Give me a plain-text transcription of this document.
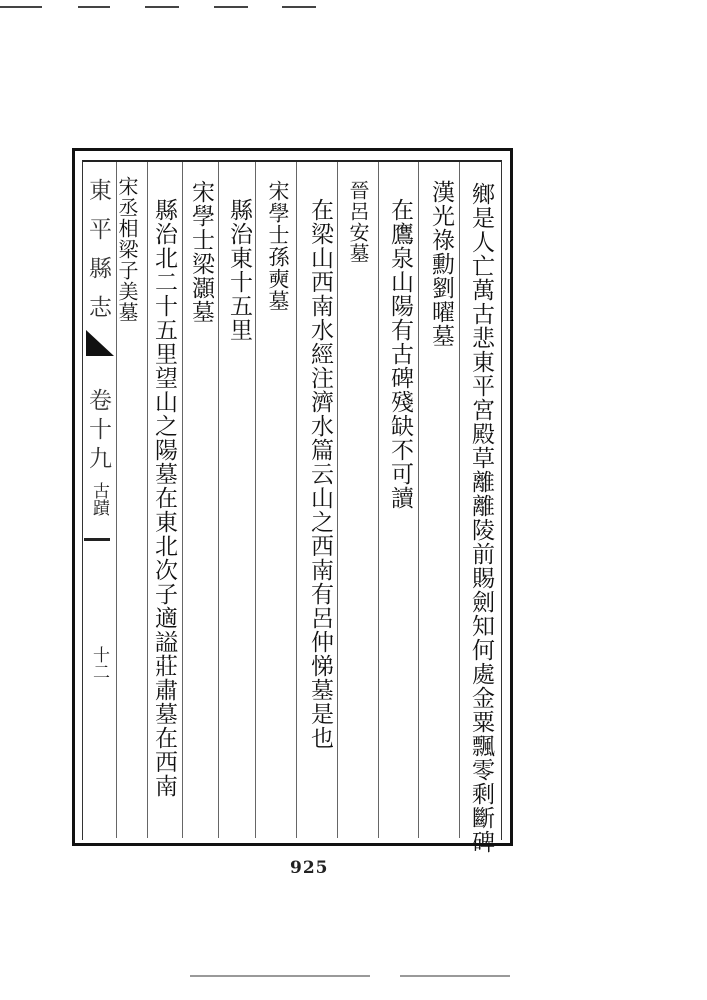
鄉是人亡萬古悲東平宮殿草離離陵前賜劍知何處金粟飄零剩斷碑
漢光祿勳劉曜墓
在鷹泉山陽有古碑殘缺不可讀
晉呂安墓
在梁山西南水經注濟水篇云山之西南有呂仲悌墓是也
宋學士孫奭墓
縣治東十五里
宋學士梁灝墓
縣治北二十五里望山之陽墓在東北次子適謚莊肅墓在西南
宋丞相梁子美墓
東平縣志
卷十九
古蹟
十二
925
